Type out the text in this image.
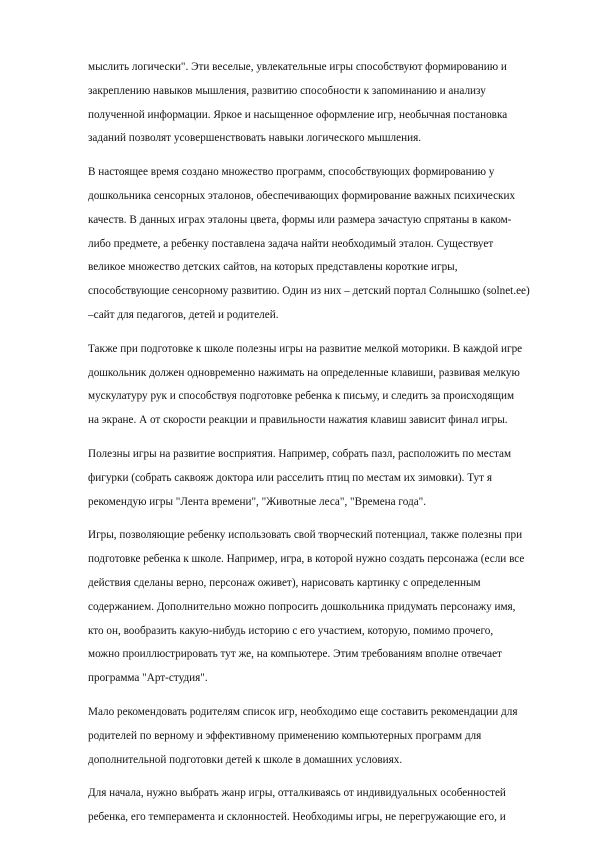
мыслить логически". Эти веселые, увлекательные игры способствуют формированию и
закреплению навыков мышления, развитию способности к запоминанию и анализу
полученной информации. Яркое и насыщенное оформление игр, необычная постановка
заданий позволят усовершенствовать навыки логического мышления.
В настоящее время создано множество программ, способствующих формированию у
дошкольника сенсорных эталонов, обеспечивающих формирование важных психических
качеств. В данных играх эталоны цвета, формы или размера зачастую спрятаны в каком-
либо предмете, а ребенку поставлена задача найти необходимый эталон. Существует
великое множество детских сайтов, на которых представлены короткие игры,
способствующие сенсорному развитию. Один из них – детский портал Солнышко (solnet.ee)
–сайт для педагогов, детей и родителей.
Также при подготовке к школе полезны игры на развитие мелкой моторики. В каждой игре
дошкольник должен одновременно нажимать на определенные клавиши, развивая мелкую
мускулатуру рук и способствуя подготовке ребенка к письму, и следить за происходящим
на экране. А от скорости реакции и правильности нажатия клавиш зависит финал игры.
Полезны игры на развитие восприятия. Например, собрать пазл, расположить по местам
фигурки (собрать саквояж доктора или расселить птиц по местам их зимовки). Тут я
рекомендую игры "Лента времени", "Животные леса", "Времена года".
Игры, позволяющие ребенку использовать свой творческий потенциал, также полезны при
подготовке ребенка к школе. Например, игра, в которой нужно создать персонажа (если все
действия сделаны верно, персонаж оживет), нарисовать картинку с определенным
содержанием. Дополнительно можно попросить дошкольника придумать персонажу имя,
кто он, вообразить какую-нибудь историю с его участием, которую, помимо прочего,
можно проиллюстрировать тут же, на компьютере. Этим требованиям вполне отвечает
программа "Арт-студия".
Мало рекомендовать родителям список игр, необходимо еще составить рекомендации для
родителей по верному и эффективному применению компьютерных программ для
дополнительной подготовки детей к школе в домашних условиях.
Для начала, нужно выбрать жанр игры, отталкиваясь от индивидуальных особенностей
ребенка, его темперамента и склонностей. Необходимы игры, не перегружающие его, и
